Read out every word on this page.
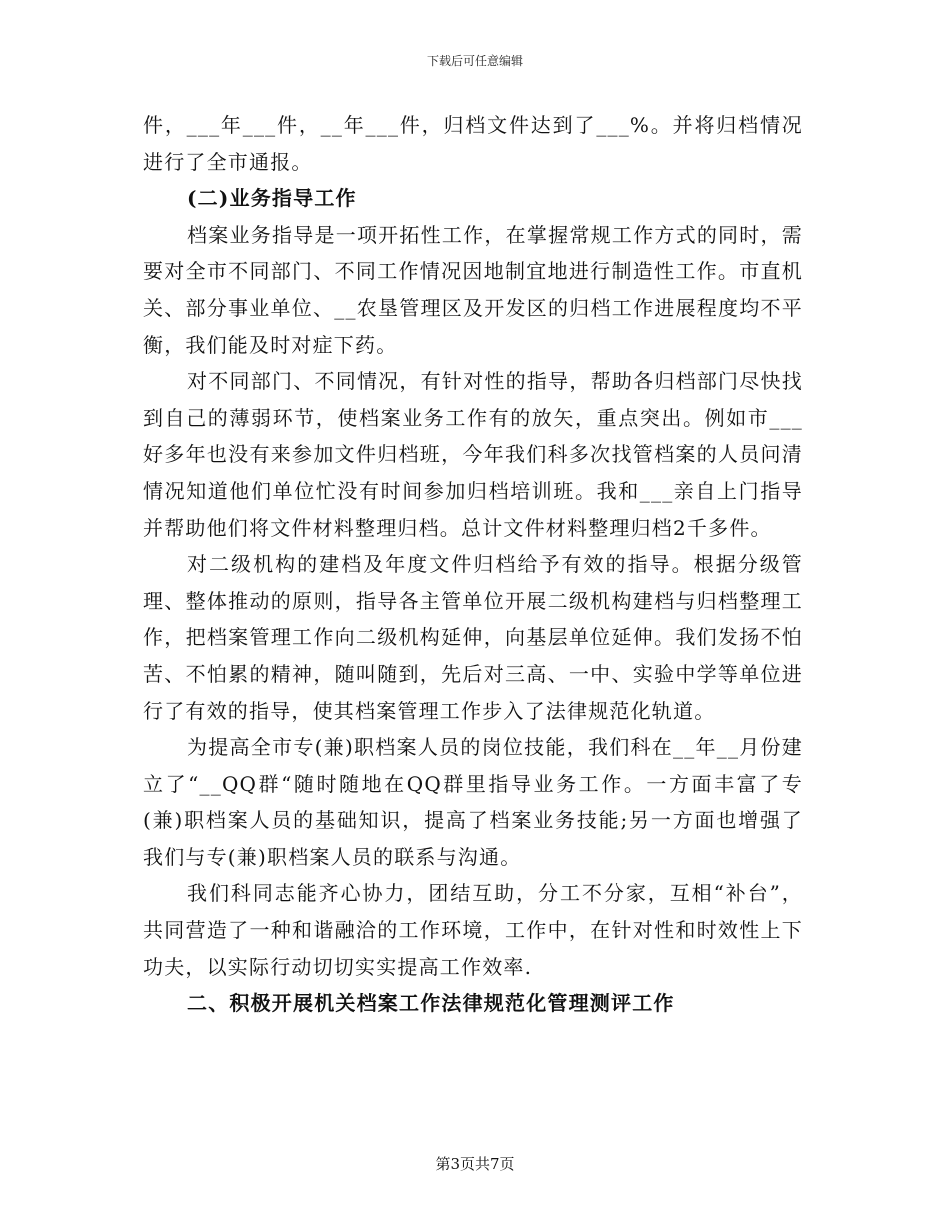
下载后可任意编辑

件，___年___件，__年___件，归档文件达到了___%。并将归档情况进行了全市通报。

(二)业务指导工作

档案业务指导是一项开拓性工作，在掌握常规工作方式的同时，需要对全市不同部门、不同工作情况因地制宜地进行制造性工作。市直机关、部分事业单位、__农垦管理区及开发区的归档工作进展程度均不平衡，我们能及时对症下药。

对不同部门、不同情况，有针对性的指导，帮助各归档部门尽快找到自己的薄弱环节，使档案业务工作有的放矢，重点突出。例如市___好多年也没有来参加文件归档班，今年我们科多次找管档案的人员问清情况知道他们单位忙没有时间参加归档培训班。我和___亲自上门指导并帮助他们将文件材料整理归档。总计文件材料整理归档2千多件。

对二级机构的建档及年度文件归档给予有效的指导。根据分级管理、整体推动的原则，指导各主管单位开展二级机构建档与归档整理工作，把档案管理工作向二级机构延伸，向基层单位延伸。我们发扬不怕苦、不怕累的精神，随叫随到，先后对三高、一中、实验中学等单位进行了有效的指导，使其档案管理工作步入了法律规范化轨道。

为提高全市专(兼)职档案人员的岗位技能，我们科在__年__月份建立了“__QQ群“随时随地在QQ群里指导业务工作。一方面丰富了专(兼)职档案人员的基础知识，提高了档案业务技能;另一方面也增强了我们与专(兼)职档案人员的联系与沟通。

我们科同志能齐心协力，团结互助，分工不分家，互相“补台”，共同营造了一种和谐融洽的工作环境，工作中，在针对性和时效性上下功夫，以实际行动切切实实提高工作效率.

二、积极开展机关档案工作法律规范化管理测评工作

第3页共7页
